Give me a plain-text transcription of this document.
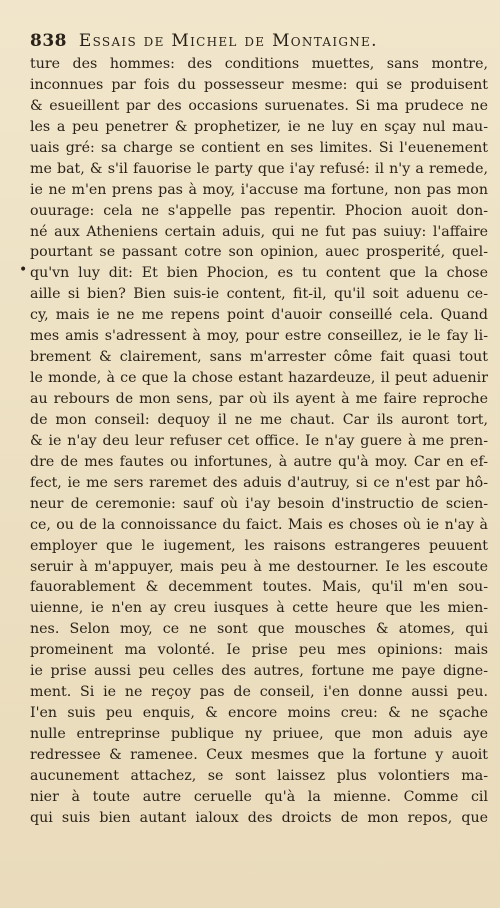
838 Essais de Michel de Montaigne.
•
ture des hommes: des conditions muettes, sans montre,
inconnues par fois du possesseur mesme: qui se produisent
& esueillent par des occasions suruenates. Si ma prudece ne
les a peu penetrer & prophetizer, ie ne luy en sçay nul mau-
uais gré: sa charge se contient en ses limites. Si l'euenement
me bat, & s'il fauorise le party que i'ay refusé: il n'y a remede,
ie ne m'en prens pas à moy, i'accuse ma fortune, non pas mon
ouurage: cela ne s'appelle pas repentir. Phocion auoit don-
né aux Atheniens certain aduis, qui ne fut pas suiuy: l'affaire
pourtant se passant cotre son opinion, auec prosperité, quel-
qu'vn luy dit: Et bien Phocion, es tu content que la chose
aille si bien? Bien suis-ie content, fit-il, qu'il soit aduenu ce-
cy, mais ie ne me repens point d'auoir conseillé cela. Quand
mes amis s'adressent à moy, pour estre conseillez, ie le fay li-
brement & clairement, sans m'arrester côme fait quasi tout
le monde, à ce que la chose estant hazardeuze, il peut aduenir
au rebours de mon sens, par où ils ayent à me faire reproche
de mon conseil: dequoy il ne me chaut. Car ils auront tort,
& ie n'ay deu leur refuser cet office. Ie n'ay guere à me pren-
dre de mes fautes ou infortunes, à autre qu'à moy. Car en ef-
fect, ie me sers raremet des aduis d'autruy, si ce n'est par hô-
neur de ceremonie: sauf où i'ay besoin d'instructio de scien-
ce, ou de la connoissance du faict. Mais es choses où ie n'ay à
employer que le iugement, les raisons estrangeres peuuent
seruir à m'appuyer, mais peu à me destourner. Ie les escoute
fauorablement & decemment toutes. Mais, qu'il m'en sou-
uienne, ie n'en ay creu iusques à cette heure que les mien-
nes. Selon moy, ce ne sont que mousches & atomes, qui
promeinent ma volonté. Ie prise peu mes opinions: mais
ie prise aussi peu celles des autres, fortune me paye digne-
ment. Si ie ne reçoy pas de conseil, i'en donne aussi peu.
I'en suis peu enquis, & encore moins creu: & ne sçache
nulle entreprinse publique ny priuee, que mon aduis aye
redressee & ramenee. Ceux mesmes que la fortune y auoit
aucunement attachez, se sont laissez plus volontiers ma-
nier à toute autre ceruelle qu'à la mienne. Comme cil
qui suis bien autant ialoux des droicts de mon repos, que
